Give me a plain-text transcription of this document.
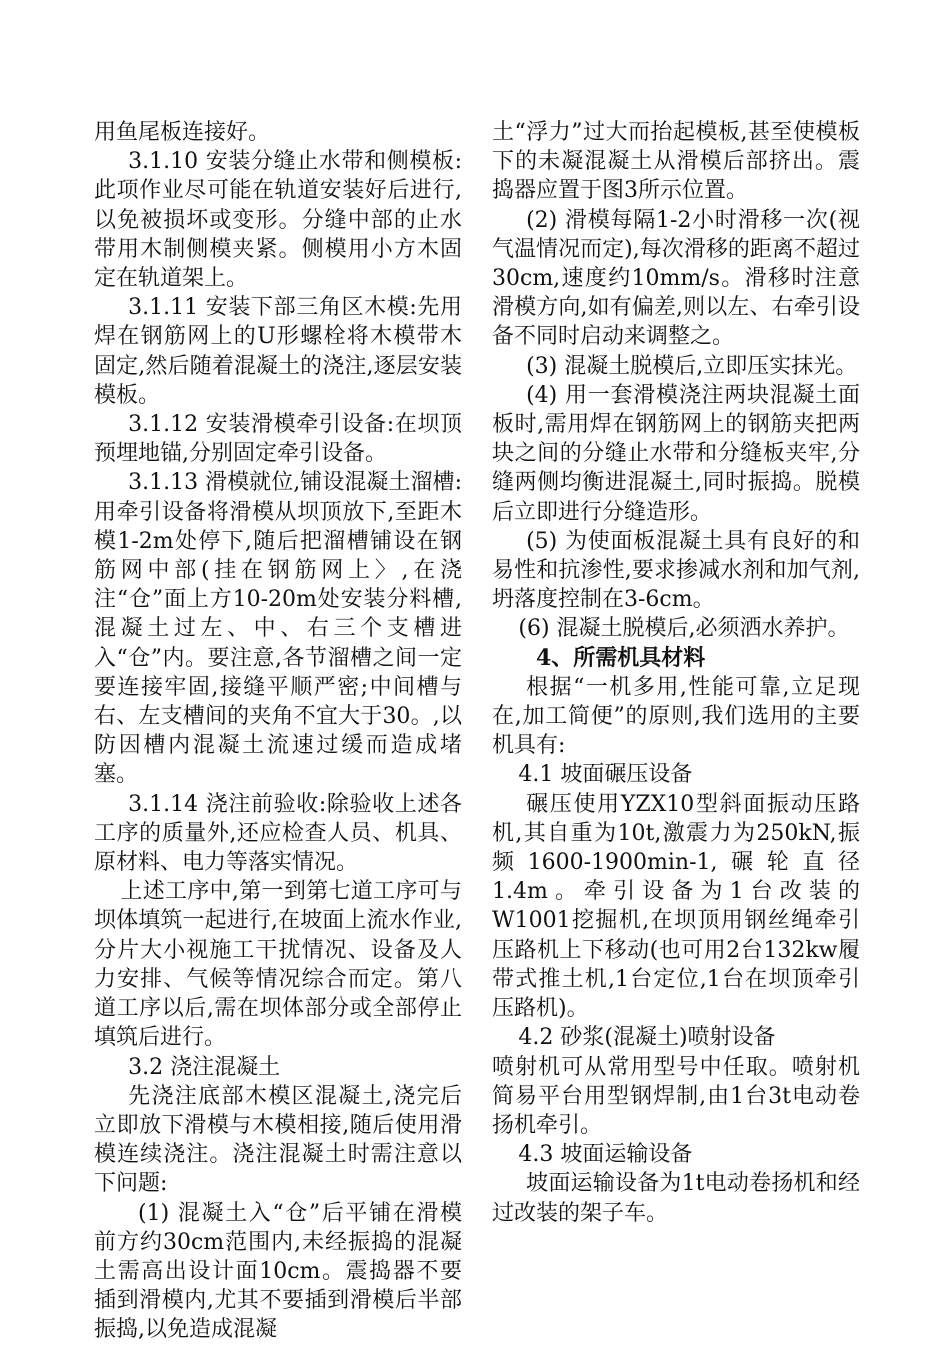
用鱼尾板连接好。

3.1.10 安装分缝止水带和侧模板:此项作业尽可能在轨道安装好后进行,以免被损坏或变形。分缝中部的止水带用木制侧模夹紧。侧模用小方木固定在轨道架上。

3.1.11 安装下部三角区木模:先用焊在钢筋网上的U形螺栓将木模带木固定,然后随着混凝土的浇注,逐层安装模板。

3.1.12 安装滑模牵引设备:在坝顶预埋地锚,分别固定牵引设备。

3.1.13 滑模就位,铺设混凝土溜槽:用牵引设备将滑模从坝顶放下,至距木模1-2m处停下,随后把溜槽铺设在钢筋网中部(挂在钢筋网上〉,在浇注“仓”面上方10-20m处安装分料槽,混凝土过左、中、右三个支槽进入“仓”内。要注意,各节溜槽之间一定要连接牢固,接缝平顺严密;中间槽与右、左支槽间的夹角不宜大于30。,以防因槽内混凝土流速过缓而造成堵塞。

3.1.14 浇注前验收:除验收上述各工序的质量外,还应检查人员、机具、原材料、电力等落实情况。

上述工序中,第一到第七道工序可与坝体填筑一起进行,在坡面上流水作业,分片大小视施工干扰情况、设备及人力安排、气候等情况综合而定。第八道工序以后,需在坝体部分或全部停止填筑后进行。

3.2 浇注混凝土

先浇注底部木模区混凝土,浇完后立即放下滑模与木模相接,随后使用滑模连续浇注。浇注混凝土时需注意以下问题:

(1) 混凝土入“仓”后平铺在滑模前方约30cm范围内,未经振捣的混凝土需高出设计面10cm。震捣器不要插到滑模内,尤其不要插到滑模后半部振捣,以免造成混凝

土“浮力”过大而抬起模板,甚至使模板下的未凝混凝土从滑模后部挤出。震捣器应置于图3所示位置。

(2) 滑模每隔1-2小时滑移一次(视气温情况而定),每次滑移的距离不超过30cm,速度约10mm/s。滑移时注意滑模方向,如有偏差,则以左、右牵引设备不同时启动来调整之。

(3) 混凝土脱模后,立即压实抹光。

(4) 用一套滑模浇注两块混凝土面板时,需用焊在钢筋网上的钢筋夹把两块之间的分缝止水带和分缝板夹牢,分缝两侧均衡进混凝土,同时振捣。脱模后立即进行分缝造形。

(5) 为使面板混凝土具有良好的和易性和抗渗性,要求掺减水剂和加气剂,坍落度控制在3-6cm。

(6) 混凝土脱模后,必须洒水养护。

4、所需机具材料

根据“一机多用,性能可靠,立足现在,加工简便”的原则,我们选用的主要机具有:

4.1 坡面碾压设备

碾压使用YZX10型斜面振动压路机,其自重为10t,激震力为250kN,振频1600-1900min-1,碾轮直径1.4m。牵引设备为1台改装的W1001挖掘机,在坝顶用钢丝绳牵引压路机上下移动(也可用2台132kw履带式推土机,1台定位,1台在坝顶牵引压路机)。

4.2 砂浆(混凝土)喷射设备

喷射机可从常用型号中任取。喷射机简易平台用型钢焊制,由1台3t电动卷扬机牵引。

4.3 坡面运输设备

坡面运输设备为1t电动卷扬机和经过改装的架子车。
